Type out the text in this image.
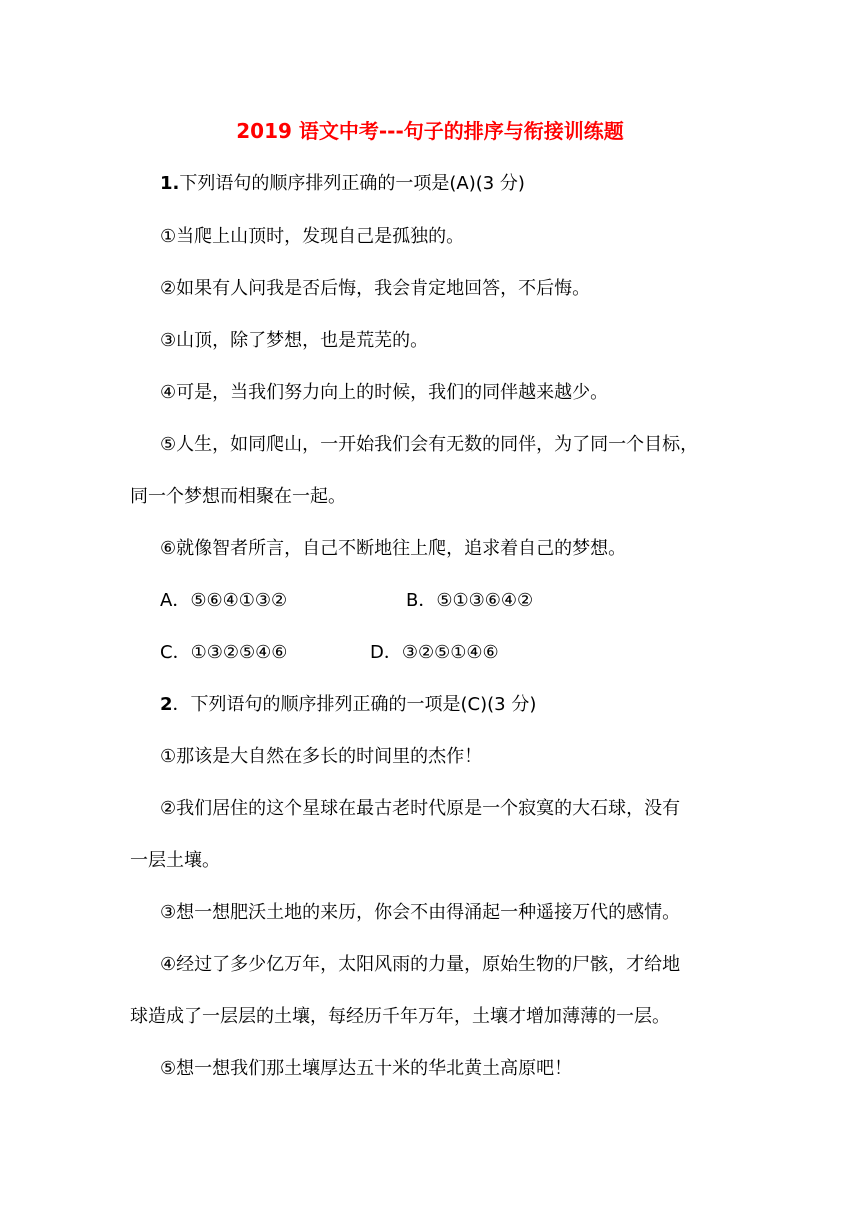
2019 语文中考---句子的排序与衔接训练题
1.下列语句的顺序排列正确的一项是(A)(3 分)
①当爬上山顶时，发现自己是孤独的。
②如果有人问我是否后悔，我会肯定地回答，不后悔。
③山顶，除了梦想，也是荒芜的。
④可是，当我们努力向上的时候，我们的同伴越来越少。
⑤人生，如同爬山，一开始我们会有无数的同伴，为了同一个目标，
同一个梦想而相聚在一起。
⑥就像智者所言，自己不断地往上爬，追求着自己的梦想。
A．⑤⑥④①③②	B．⑤①③⑥④②
C．①③②⑤④⑥	D．③②⑤①④⑥
2．下列语句的顺序排列正确的一项是(C)(3 分)
①那该是大自然在多长的时间里的杰作！
②我们居住的这个星球在最古老时代原是一个寂寞的大石球，没有
一层土壤。
③想一想肥沃土地的来历，你会不由得涌起一种遥接万代的感情。
④经过了多少亿万年，太阳风雨的力量，原始生物的尸骸，才给地
球造成了一层层的土壤，每经历千年万年，土壤才增加薄薄的一层。
⑤想一想我们那土壤厚达五十米的华北黄土高原吧！
